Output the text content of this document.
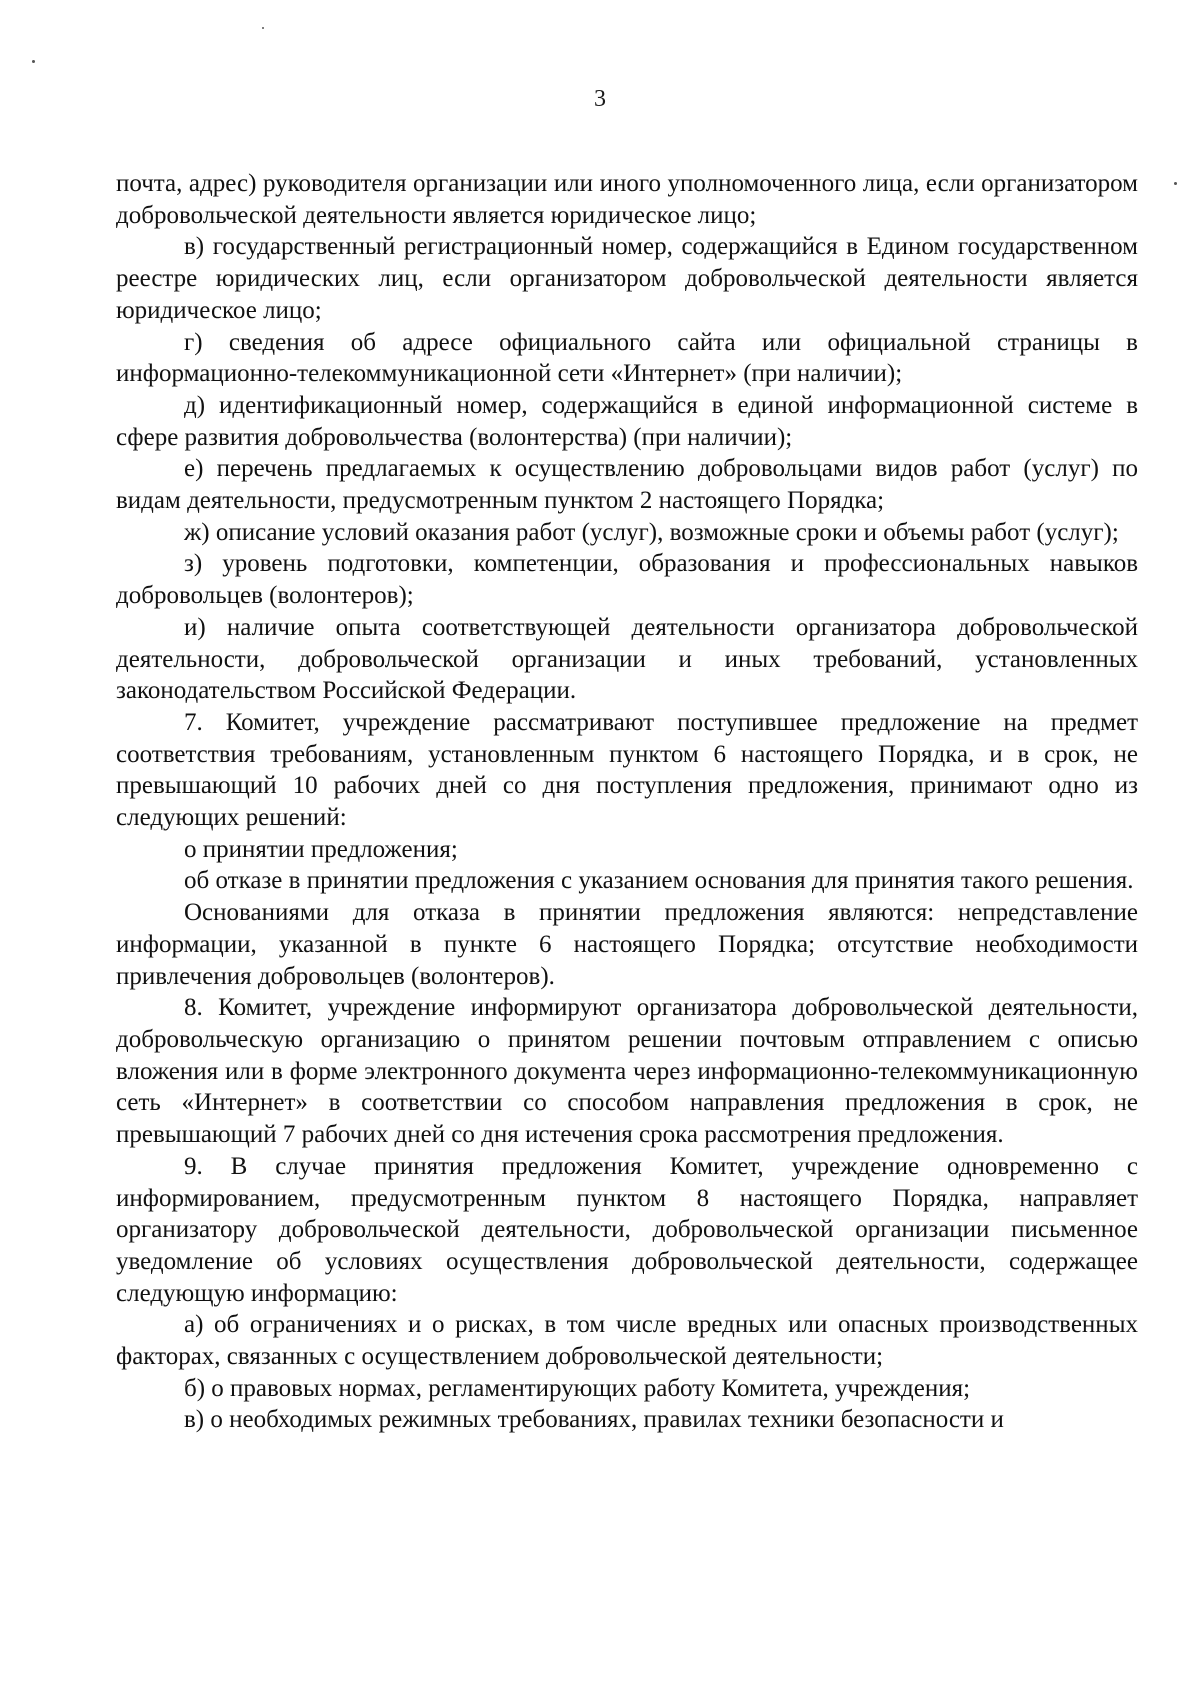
3

почта, адрес) руководителя организации или иного уполномоченного лица, если организатором добровольческой деятельности является юридическое лицо;

в) государственный регистрационный номер, содержащийся в Едином государственном реестре юридических лиц, если организатором добровольческой деятельности является юридическое лицо;

г) сведения об адресе официального сайта или официальной страницы в информационно-телекоммуникационной сети «Интернет» (при наличии);

д) идентификационный номер, содержащийся в единой информационной системе в сфере развития добровольчества (волонтерства) (при наличии);

е) перечень предлагаемых к осуществлению добровольцами видов работ (услуг) по видам деятельности, предусмотренным пунктом 2 настоящего Порядка;

ж) описание условий оказания работ (услуг), возможные сроки и объемы работ (услуг);

з) уровень подготовки, компетенции, образования и профессиональных навыков добровольцев (волонтеров);

и) наличие опыта соответствующей деятельности организатора добровольческой деятельности, добровольческой организации и иных требований, установленных законодательством Российской Федерации.

7. Комитет, учреждение рассматривают поступившее предложение на предмет соответствия требованиям, установленным пунктом 6 настоящего Порядка, и в срок, не превышающий 10 рабочих дней со дня поступления предложения, принимают одно из следующих решений:

о принятии предложения;

об отказе в принятии предложения с указанием основания для принятия такого решения.

Основаниями для отказа в принятии предложения являются: непредставление информации, указанной в пункте 6 настоящего Порядка; отсутствие необходимости привлечения добровольцев (волонтеров).

8. Комитет, учреждение информируют организатора добровольческой деятельности, добровольческую организацию о принятом решении почтовым отправлением с описью вложения или в форме электронного документа через информационно-телекоммуникационную сеть «Интернет» в соответствии со способом направления предложения в срок, не превышающий 7 рабочих дней со дня истечения срока рассмотрения предложения.

9. В случае принятия предложения Комитет, учреждение одновременно с информированием, предусмотренным пунктом 8 настоящего Порядка, направляет организатору добровольческой деятельности, добровольческой организации письменное уведомление об условиях осуществления добровольческой деятельности, содержащее следующую информацию:

а) об ограничениях и о рисках, в том числе вредных или опасных производственных факторах, связанных с осуществлением добровольческой деятельности;

б) о правовых нормах, регламентирующих работу Комитета, учреждения;

в) о необходимых режимных требованиях, правилах техники безопасности и
